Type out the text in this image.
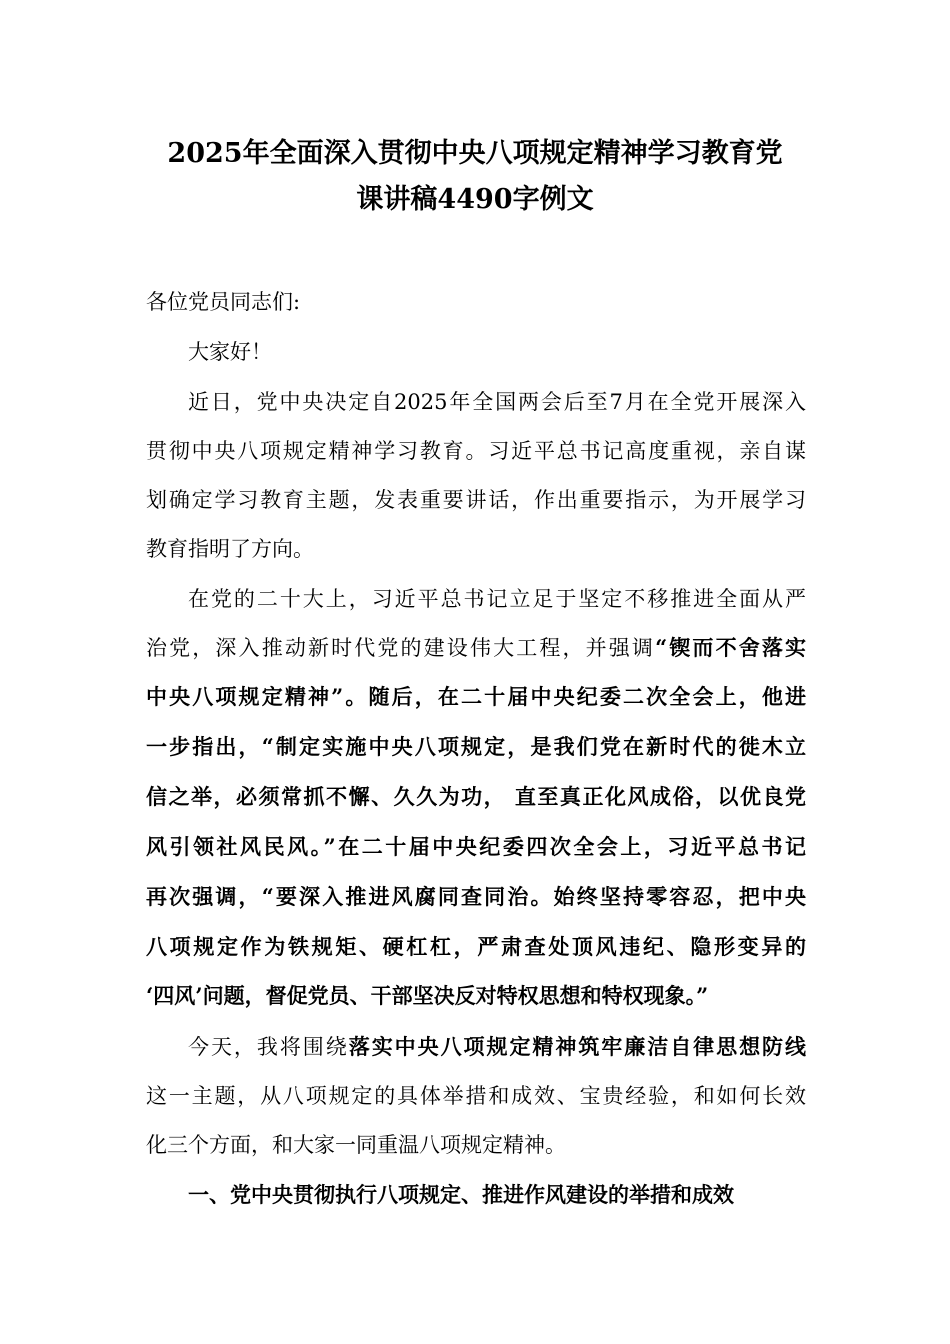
2025年全面深入贯彻中央八项规定精神学习教育党
课讲稿4490字例文
各位党员同志们:
大家好！
近日，党中央决定自2025年全国两会后至7月在全党开展深入
贯彻中央八项规定精神学习教育。习近平总书记高度重视，亲自谋
划确定学习教育主题，发表重要讲话，作出重要指示，为开展学习
教育指明了方向。
在党的二十大上，习近平总书记立足于坚定不移推进全面从严
治党，深入推动新时代党的建设伟大工程，并强调“锲而不舍落实
中央八项规定精神”。随后，在二十届中央纪委二次全会上，他进
一步指出，“制定实施中央八项规定，是我们党在新时代的徙木立
信之举，必须常抓不懈、久久为功， 直至真正化风成俗，以优良党
风引领社风民风。”在二十届中央纪委四次全会上，习近平总书记
再次强调，“要深入推进风腐同查同治。始终坚持零容忍，把中央
八项规定作为铁规矩、硬杠杠，严肃查处顶风违纪、隐形变异的
‘四风’问题，督促党员、干部坚决反对特权思想和特权现象。”
今天，我将围绕落实中央八项规定精神筑牢廉洁自律思想防线
这一主题，从八项规定的具体举措和成效、宝贵经验，和如何长效
化三个方面，和大家一同重温八项规定精神。
一、党中央贯彻执行八项规定、推进作风建设的举措和成效
